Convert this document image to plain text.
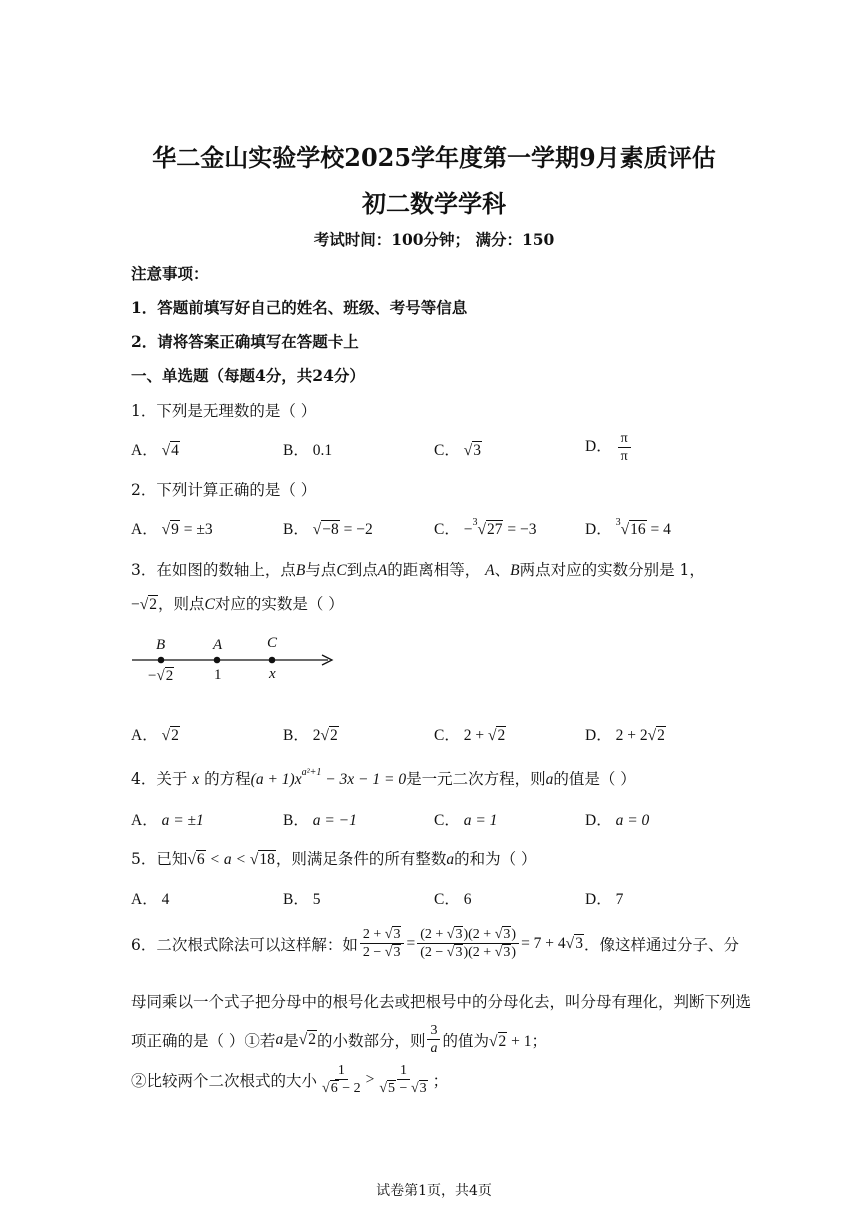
华二金山实验学校2025学年度第一学期9月素质评估
初二数学学科
考试时间：100分钟； 满分：150
注意事项：
1．答题前填写好自己的姓名、班级、考号等信息
2．请将答案正确填写在答题卡上
一、单选题（每题4分，共24分）
1．下列是无理数的是（ ）
A． √4	B． 0.1	C． √3	D． $\frac{\pi}{\pi}$
2．下列计算正确的是（ ）
A． √9 = ±3	B． √−8 = −2	C． −$^3$√27 = −3	D． $^3$√16 = 4
3．在如图的数轴上，点B与点C到点A的距离相等， A、B两点对应的实数分别是 1，
−√2，则点C对应的实数是（ ）
B	A	C
−√2	1	x
A． √2	B． 2√2	C． 2 + √2	D． 2 + 2√2
4．关于 x 的方程$(a + 1)x^{a^2+1} - 3x - 1 = 0$是一元二次方程，则a的值是（ ）
A． a = ±1	B． a = −1	C． a = 1	D． a = 0
5．已知√6 < a < √18，则满足条件的所有整数a的和为（ ）
A． 4	B． 5	C． 6	D． 7
6．二次根式除法可以这样解：如 $\frac{2 + √3}{2 - √3} = \frac{(2 + √3)(2 + √3)}{(2 - √3)(2 + √3)} = 7 + 4√3$ ．像这样通过分子、分
母同乘以一个式子把分母中的根号化去或把根号中的分母化去，叫分母有理化，判断下列选
项正确的是（ ）①若 a 是 √2 的小数部分，则 $\frac{3}{a}$ 的值为 √2 + 1；
②比较两个二次根式的大小 $\frac{1}{√6 - 2} > \frac{1}{√5 - √3}$ ；
试卷第1页，共4页
